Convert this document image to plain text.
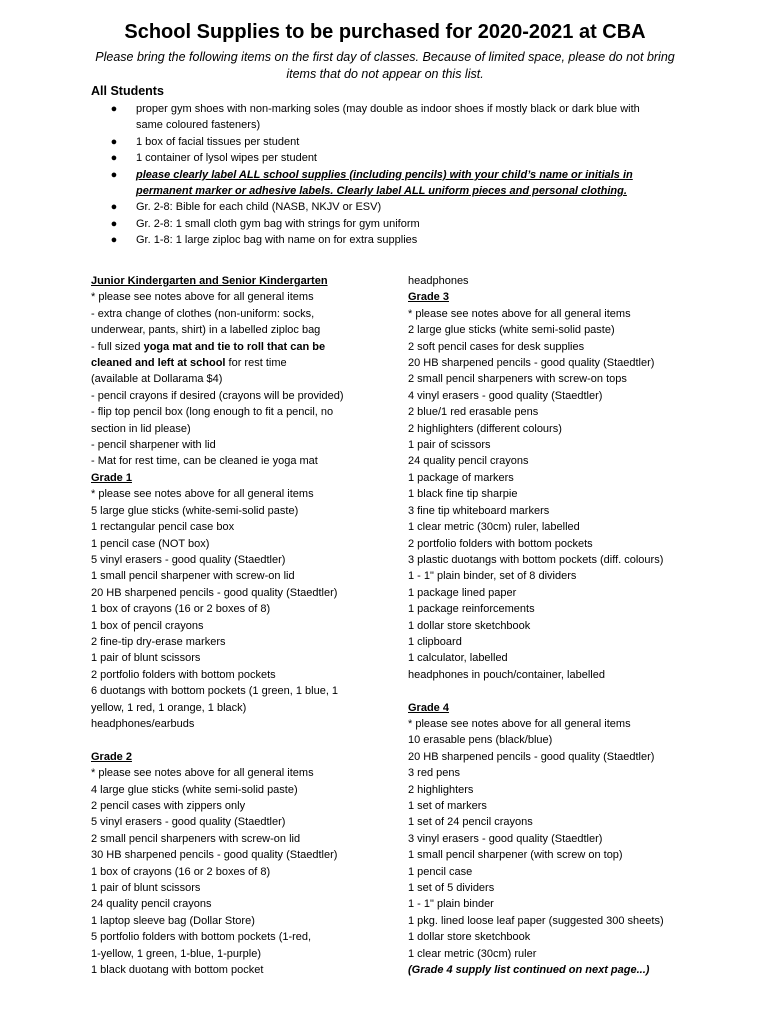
School Supplies to be purchased for 2020-2021 at CBA

Please bring the following items on the first day of classes. Because of limited space, please do not bring
items that do not appear on this list.

All Students

● proper gym shoes with non-marking soles (may double as indoor shoes if mostly black or dark blue with
same coloured fasteners)
● 1 box of facial tissues per student
● 1 container of lysol wipes per student
● please clearly label ALL school supplies (including pencils) with your child’s name or initials in
permanent marker or adhesive labels. Clearly label ALL uniform pieces and personal clothing.
● Gr. 2-8: Bible for each child (NASB, NKJV or ESV)
● Gr. 2-8: 1 small cloth gym bag with strings for gym uniform
● Gr. 1-8: 1 large ziploc bag with name on for extra supplies
Junior Kindergarten and Senior Kindergarten
* please see notes above for all general items
- extra change of clothes (non-uniform: socks,
underwear, pants, shirt) in a labelled ziploc bag
- full sized yoga mat and tie to roll that can be
cleaned and left at school for rest time
(available at Dollarama $4)
- pencil crayons if desired (crayons will be provided)
- flip top pencil box (long enough to fit a pencil, no
section in lid please)
- pencil sharpener with lid
- Mat for rest time, can be cleaned ie yoga mat
Grade 1
* please see notes above for all general items
5 large glue sticks (white-semi-solid paste)
1 rectangular pencil case box
1 pencil case (NOT box)
5 vinyl erasers - good quality (Staedtler)
1 small pencil sharpener with screw-on lid
20 HB sharpened pencils - good quality (Staedtler)
1 box of crayons (16 or 2 boxes of 8)
1 box of pencil crayons
2 fine-tip dry-erase markers
1 pair of blunt scissors
2 portfolio folders with bottom pockets
6 duotangs with bottom pockets (1 green, 1 blue, 1
yellow, 1 red, 1 orange, 1 black)
headphones/earbuds
Grade 2
* please see notes above for all general items
4 large glue sticks (white semi-solid paste)
2 pencil cases with zippers only
5 vinyl erasers - good quality (Staedtler)
2 small pencil sharpeners with screw-on lid
30 HB sharpened pencils - good quality (Staedtler)
1 box of crayons (16 or 2 boxes of 8)
1 pair of blunt scissors
24 quality pencil crayons
1 laptop sleeve bag (Dollar Store)
5 portfolio folders with bottom pockets (1-red,
1-yellow, 1 green, 1-blue, 1-purple)
1 black duotang with bottom pocket
headphones
Grade 3
* please see notes above for all general items
2 large glue sticks (white semi-solid paste)
2 soft pencil cases for desk supplies
20 HB sharpened pencils - good quality (Staedtler)
2 small pencil sharpeners with screw-on tops
4 vinyl erasers - good quality (Staedtler)
2 blue/1 red erasable pens
2 highlighters (different colours)
1 pair of scissors
24 quality pencil crayons
1 package of markers
1 black fine tip sharpie
3 fine tip whiteboard markers
1 clear metric (30cm) ruler, labelled
2 portfolio folders with bottom pockets
3 plastic duotangs with bottom pockets (diff. colours)
1 - 1" plain binder, set of 8 dividers
1 package lined paper
1 package reinforcements
1 dollar store sketchbook
1 clipboard
1 calculator, labelled
headphones in pouch/container, labelled
Grade 4
* please see notes above for all general items
10 erasable pens (black/blue)
20 HB sharpened pencils - good quality (Staedtler)
3 red pens
2 highlighters
1 set of markers
1 set of 24 pencil crayons
3 vinyl erasers - good quality (Staedtler)
1 small pencil sharpener (with screw on top)
1 pencil case
1 set of 5 dividers
1 - 1" plain binder
1 pkg. lined loose leaf paper (suggested 300 sheets)
1 dollar store sketchbook
1 clear metric (30cm) ruler
(Grade 4 supply list continued on next page...)
